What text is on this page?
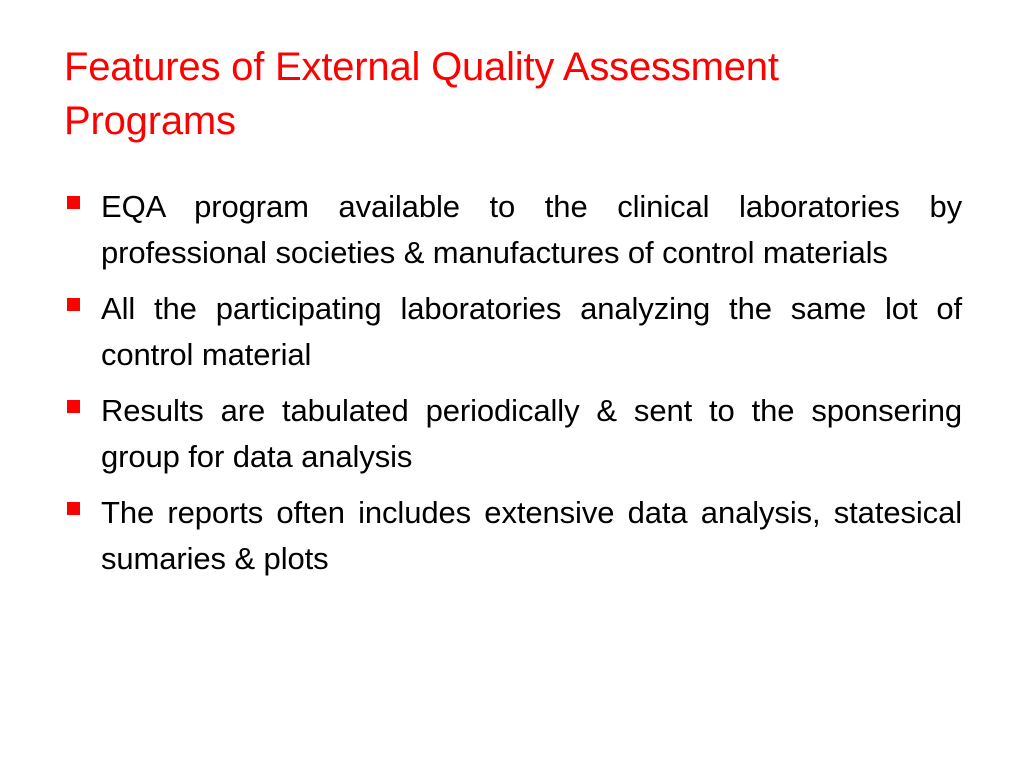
Features of External Quality Assessment Programs
EQA program available to the clinical laboratories by professional societies & manufactures of control materials
All the participating laboratories analyzing the same lot of control material
Results are tabulated periodically & sent to the sponsering group for data analysis
The reports often includes extensive data analysis, statesical sumaries & plots
